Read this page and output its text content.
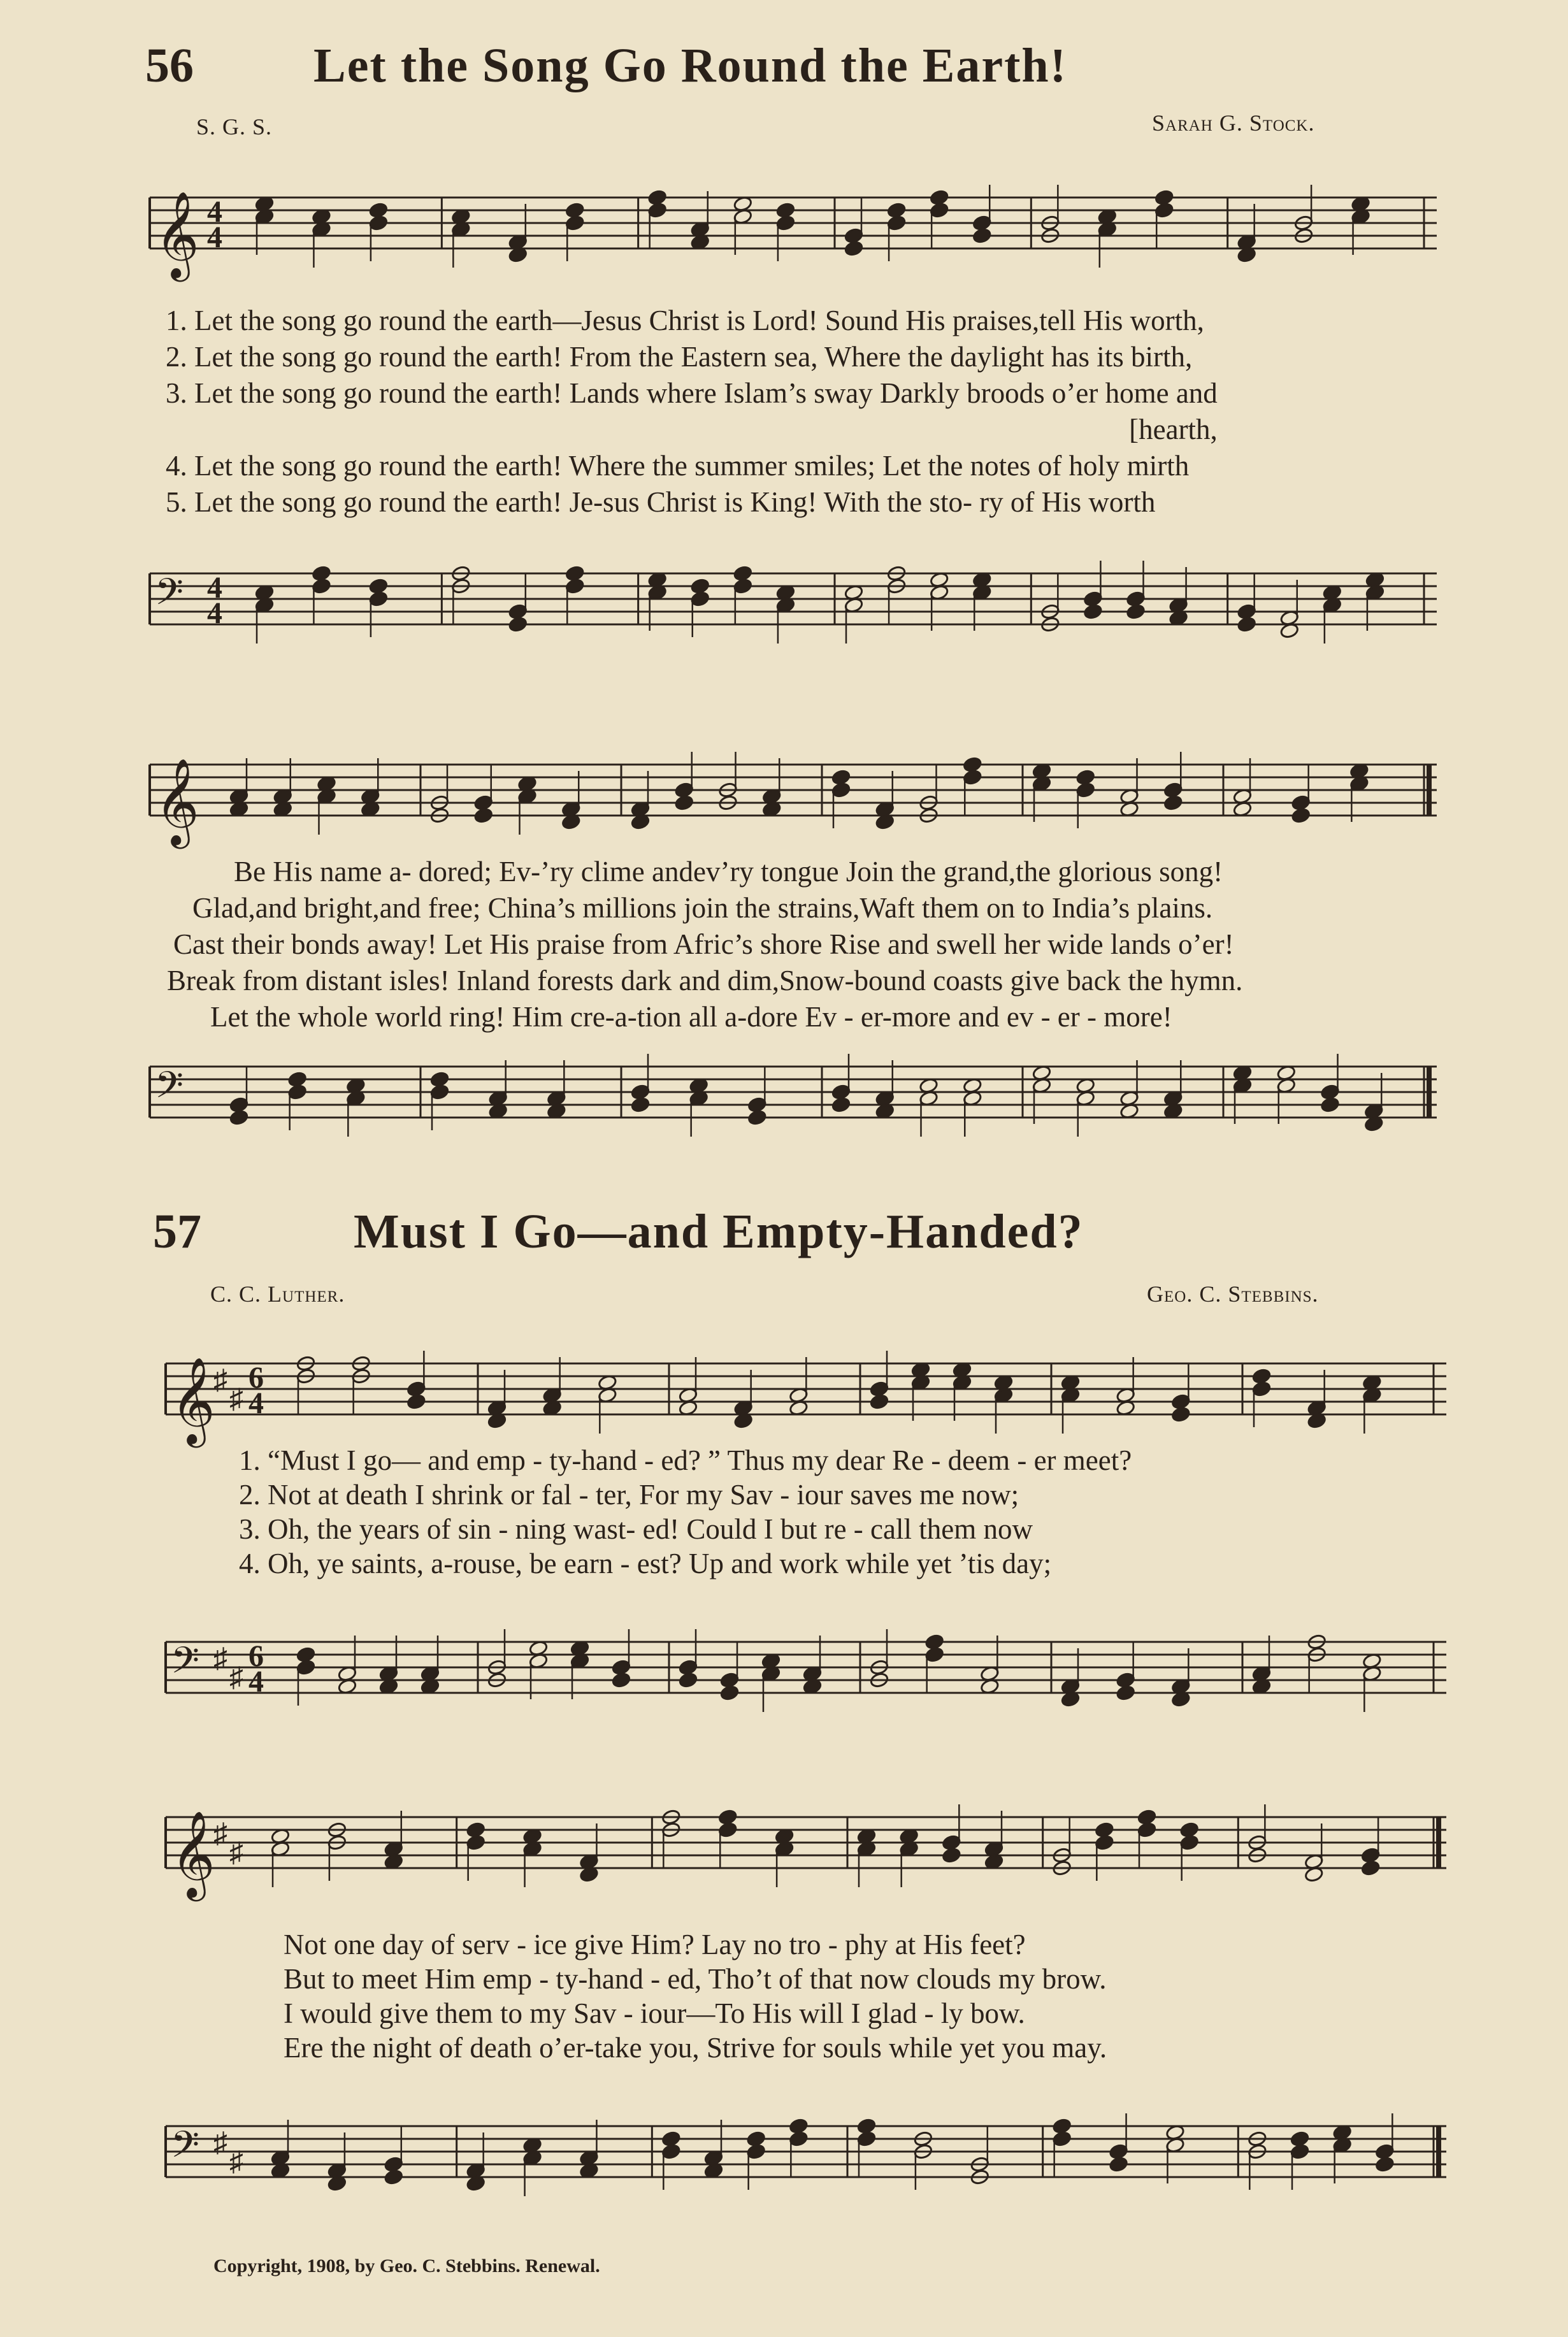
56 Let the Song Go Round the Earth!
S. G. S.	Sarah G. Stock.
𝄞 4
4
1. Let the song go round the earth—Jesus Christ is Lord! Sound His praises,tell His worth,
2. Let the song go round the earth! From the Eastern sea, Where the daylight has its birth,
3. Let the song go round the earth! Lands where Islam’s sway Darkly broods o’er home and
[hearth,
4. Let the song go round the earth! Where the summer smiles; Let the notes of holy mirth
5. Let the song go round the earth! Je-sus Christ is King! With the sto- ry of His worth
𝄢 4
4
𝄞
Be His name a- dored; Ev-’ry clime andev’ry tongue Join the grand,the glorious song!
Glad,and bright,and free; China’s millions join the strains,Waft them on to India’s plains.
Cast their bonds away! Let His praise from Afric’s shore Rise and swell her wide lands o’er!
Break from distant isles! Inland forests dark and dim,Snow-bound coasts give back the hymn.
Let the whole world ring! Him cre-a-tion all a-dore Ev - er-more and ev - er - more!
𝄢
57	Must I Go—and Empty-Handed?
C. C. Luther.	Geo. C. Stebbins.
𝄞
♯
♯
6
4
1. “Must I go— and emp - ty-hand - ed? ” Thus my dear Re - deem - er meet?
2. Not at death I shrink or fal - ter, For my Sav - iour saves me now;
3. Oh, the years of sin - ning wast- ed! Could I but re - call them now
4. Oh, ye saints, a-rouse, be earn - est? Up and work while yet ’tis day;
𝄢 ♯
♯
6
4
𝄞
♯
♯
Not one day of serv - ice give Him? Lay no tro - phy at His feet?
But to meet Him emp - ty-hand - ed, Tho’t of that now clouds my brow.
I would give them to my Sav - iour—To His will I glad - ly bow.
Ere the night of death o’er-take you, Strive for souls while yet you may.
𝄢 ♯
♯
Copyright, 1908, by Geo. C. Stebbins. Renewal.
